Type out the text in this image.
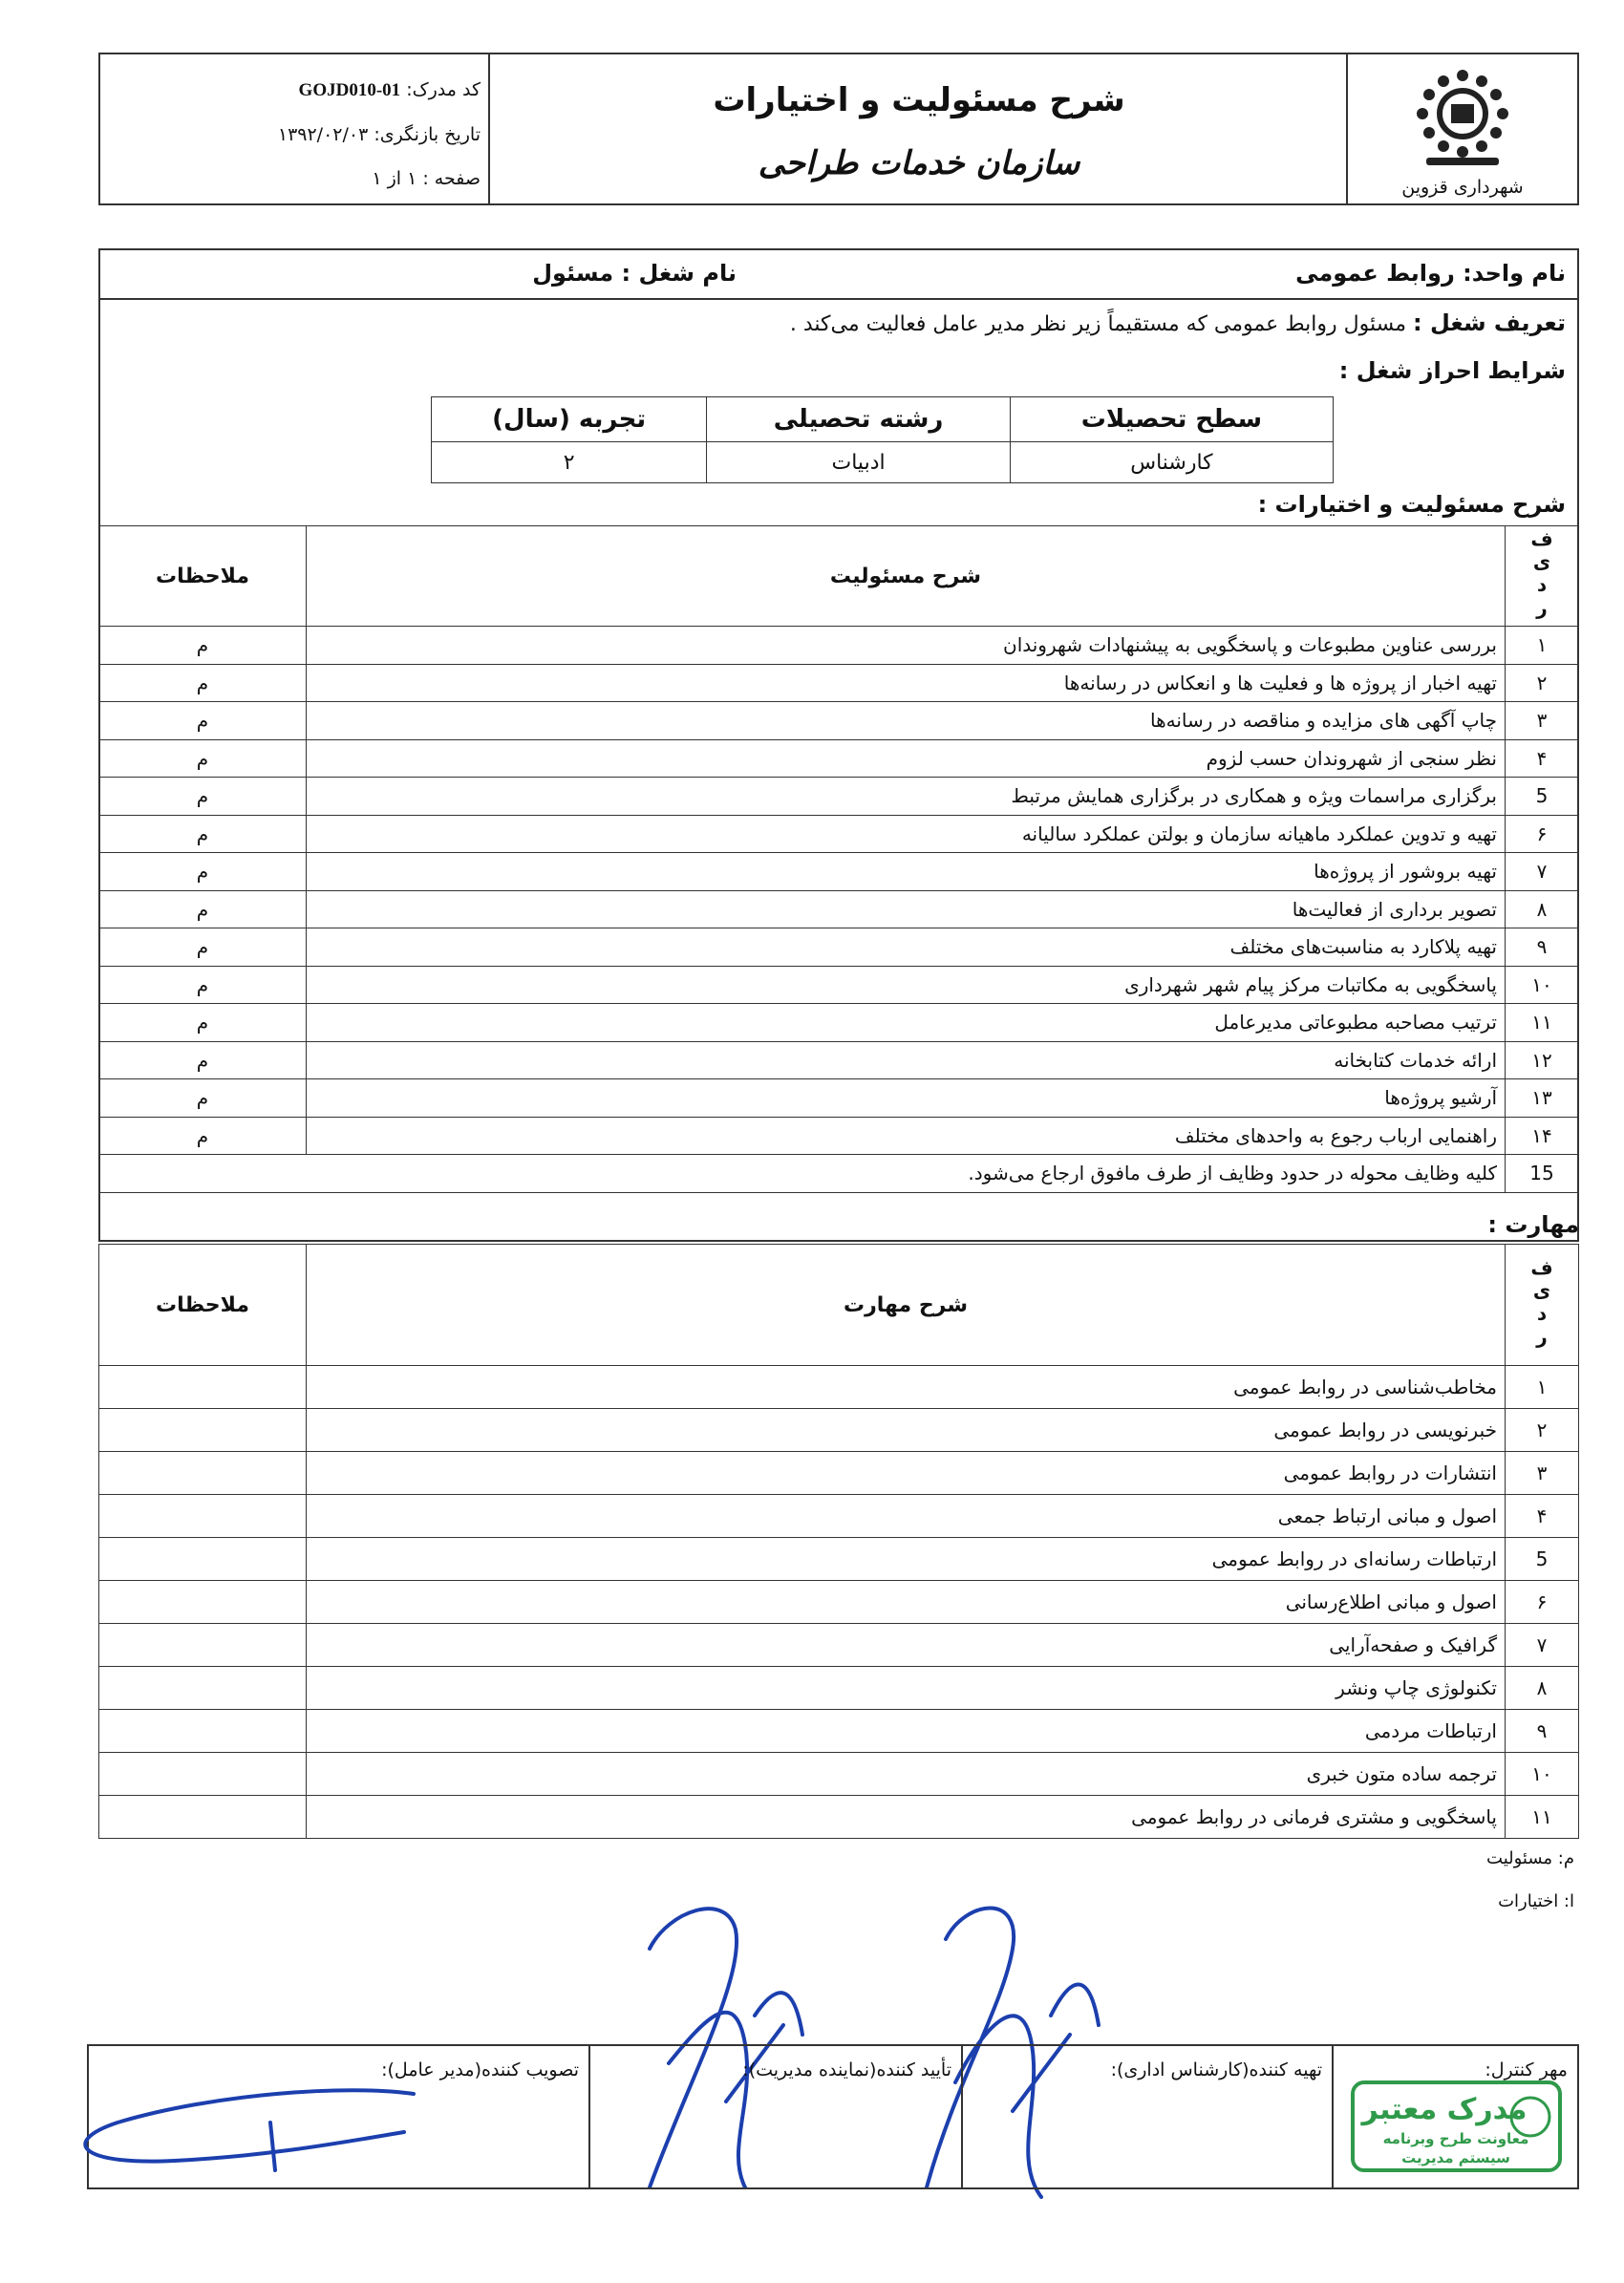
شهرداری قزوین
شرح مسئولیت و اختیارات
سازمان خدمات طراحی
کد مدرک: GOJD010-01
تاریخ بازنگری: ۱۳۹۲/۰۲/۰۳
صفحه : ۱ از ۱
نام واحد: روابط عمومی
نام شغل : مسئول
تعریف شغل : مسئول روابط عمومی که مستقیماً زیر نظر مدیر عامل فعالیت می‌کند .
شرایط احراز شغل :
سطح تحصیلات	رشته تحصیلی	تجربه (سال)
کارشناس	ادبیات	۲
شرح مسئولیت و اختیارات :
ردیف	شرح مسئولیت	ملاحظات
۱	بررسی عناوین مطبوعات و پاسخگویی به پیشنهادات شهروندان	م
۲	تهیه اخبار از پروژه ها و فعلیت ها و انعکاس در رسانه‌ها	م
۳	چاپ آگهی های مزایده و مناقصه در رسانه‌ها	م
۴	نظر سنجی از شهروندان حسب لزوم	م
5	برگزاری مراسمات ویژه و همکاری در برگزاری همایش مرتبط	م
۶	تهیه و تدوین عملکرد ماهیانه سازمان و بولتن عملکرد سالیانه	م
۷	تهیه بروشور از پروژه‌ها	م
۸	تصویر برداری از فعالیت‌ها	م
۹	تهیه پلاکارد به مناسبت‌های مختلف	م
۱۰	پاسخگویی به مکاتبات مرکز پیام شهر شهرداری	م
۱۱	ترتیب مصاحبه مطبوعاتی مدیرعامل	م
۱۲	ارائه خدمات کتابخانه	م
۱۳	آرشیو پروژه‌ها	م
۱۴	راهنمایی ارباب رجوع به واحدهای مختلف	م
15	کلیه وظایف محوله در حدود وظایف از طرف مافوق ارجاع می‌شود.	
مهارت :
ردیف	شرح مهارت	ملاحظات
۱	مخاطب‌شناسی در روابط عمومی	
۲	خبرنویسی در روابط عمومی	
۳	انتشارات در روابط عمومی	
۴	اصول و مبانی ارتباط جمعی	
5	ارتباطات رسانه‌ای در روابط عمومی	
۶	اصول و مبانی اطلاع‌رسانی	
۷	گرافیک و صفحه‌آرایی	
۸	تکنولوژی چاپ ونشر	
۹	ارتباطات مردمی	
۱۰	ترجمه ساده متون خبری	
۱۱	پاسخگویی و مشتری فرمانی در روابط عمومی	
م: مسئولیت
ا: اختیارات
مهر کنترل:
مدرک معتبر
معاونت طرح وبرنامه
سیستم مدیریت
تهیه کننده(کارشناس اداری):
تأیید کننده(نماینده مدیریت):
تصویب کننده(مدیر عامل):
